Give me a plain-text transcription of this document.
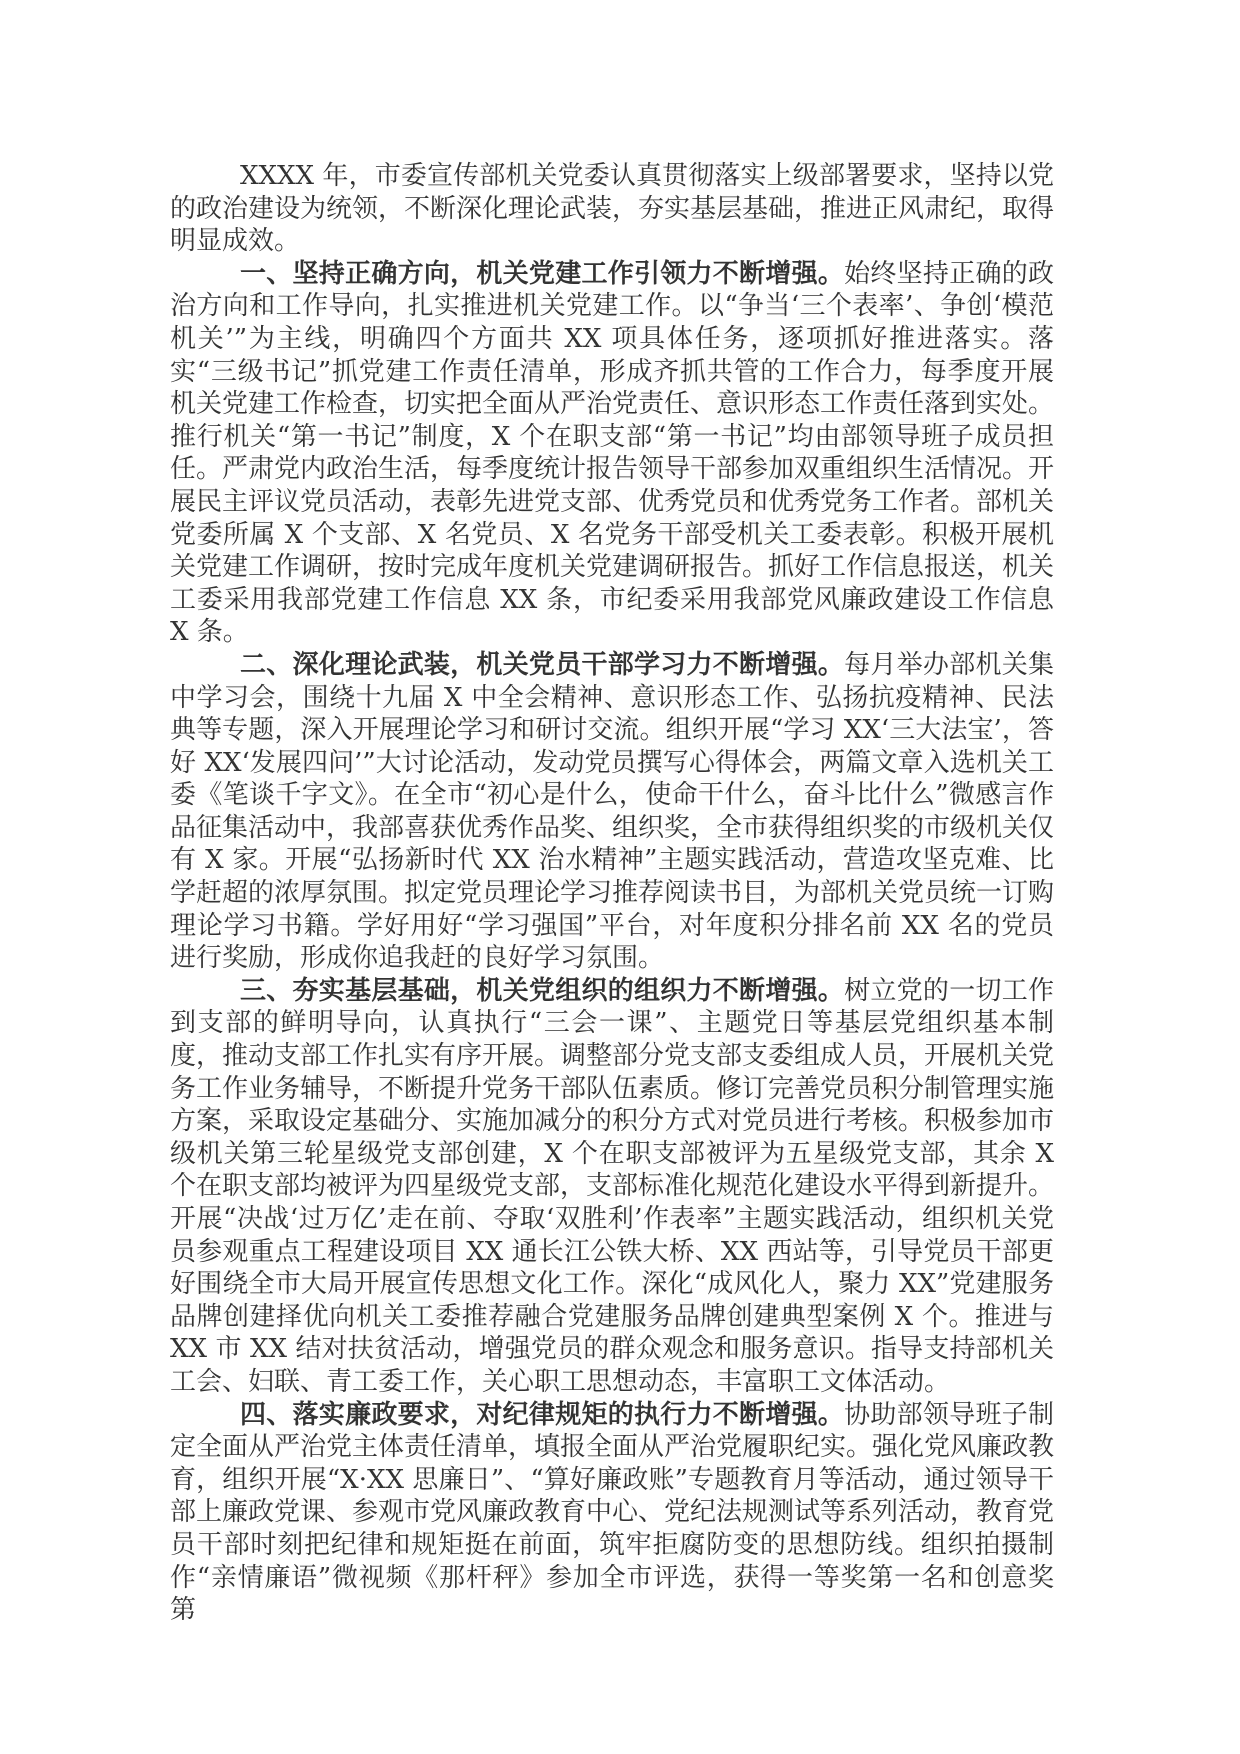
XXXX 年，市委宣传部机关党委认真贯彻落实上级部署要求，坚持以党的政治建设为统领，不断深化理论武装，夯实基层基础，推进正风肃纪，取得明显成效。

一、坚持正确方向，机关党建工作引领力不断增强。始终坚持正确的政治方向和工作导向，扎实推进机关党建工作。以“争当‘三个表率’、争创‘模范机关’”为主线，明确四个方面共 XX 项具体任务，逐项抓好推进落实。落实“三级书记”抓党建工作责任清单，形成齐抓共管的工作合力，每季度开展机关党建工作检查，切实把全面从严治党责任、意识形态工作责任落到实处。推行机关“第一书记”制度，X 个在职支部“第一书记”均由部领导班子成员担任。严肃党内政治生活，每季度统计报告领导干部参加双重组织生活情况。开展民主评议党员活动，表彰先进党支部、优秀党员和优秀党务工作者。部机关党委所属 X 个支部、X 名党员、X 名党务干部受机关工委表彰。积极开展机关党建工作调研，按时完成年度机关党建调研报告。抓好工作信息报送，机关工委采用我部党建工作信息 XX 条，市纪委采用我部党风廉政建设工作信息 X 条。

二、深化理论武装，机关党员干部学习力不断增强。每月举办部机关集中学习会，围绕十九届 X 中全会精神、意识形态工作、弘扬抗疫精神、民法典等专题，深入开展理论学习和研讨交流。组织开展“学习 XX‘三大法宝’，答好 XX‘发展四问’”大讨论活动，发动党员撰写心得体会，两篇文章入选机关工委《笔谈千字文》。在全市“初心是什么，使命干什么，奋斗比什么”微感言作品征集活动中，我部喜获优秀作品奖、组织奖，全市获得组织奖的市级机关仅有 X 家。开展“弘扬新时代 XX 治水精神”主题实践活动，营造攻坚克难、比学赶超的浓厚氛围。拟定党员理论学习推荐阅读书目，为部机关党员统一订购理论学习书籍。学好用好“学习强国”平台，对年度积分排名前 XX 名的党员进行奖励，形成你追我赶的良好学习氛围。

三、夯实基层基础，机关党组织的组织力不断增强。树立党的一切工作到支部的鲜明导向，认真执行“三会一课”、主题党日等基层党组织基本制度，推动支部工作扎实有序开展。调整部分党支部支委组成人员，开展机关党务工作业务辅导，不断提升党务干部队伍素质。修订完善党员积分制管理实施方案，采取设定基础分、实施加减分的积分方式对党员进行考核。积极参加市级机关第三轮星级党支部创建，X 个在职支部被评为五星级党支部，其余 X 个在职支部均被评为四星级党支部，支部标准化规范化建设水平得到新提升。开展“决战‘过万亿’走在前、夺取‘双胜利’作表率”主题实践活动，组织机关党员参观重点工程建设项目 XX 通长江公铁大桥、XX 西站等，引导党员干部更好围绕全市大局开展宣传思想文化工作。深化“成风化人，聚力 XX”党建服务品牌创建择优向机关工委推荐融合党建服务品牌创建典型案例 X 个。推进与 XX 市 XX 结对扶贫活动，增强党员的群众观念和服务意识。指导支持部机关工会、妇联、青工委工作，关心职工思想动态，丰富职工文体活动。

四、落实廉政要求，对纪律规矩的执行力不断增强。协助部领导班子制定全面从严治党主体责任清单，填报全面从严治党履职纪实。强化党风廉政教育，组织开展“X·XX 思廉日”、“算好廉政账”专题教育月等活动，通过领导干部上廉政党课、参观市党风廉政教育中心、党纪法规测试等系列活动，教育党员干部时刻把纪律和规矩挺在前面，筑牢拒腐防变的思想防线。组织拍摄制作“亲情廉语”微视频《那杆秤》参加全市评选，获得一等奖第一名和创意奖第
